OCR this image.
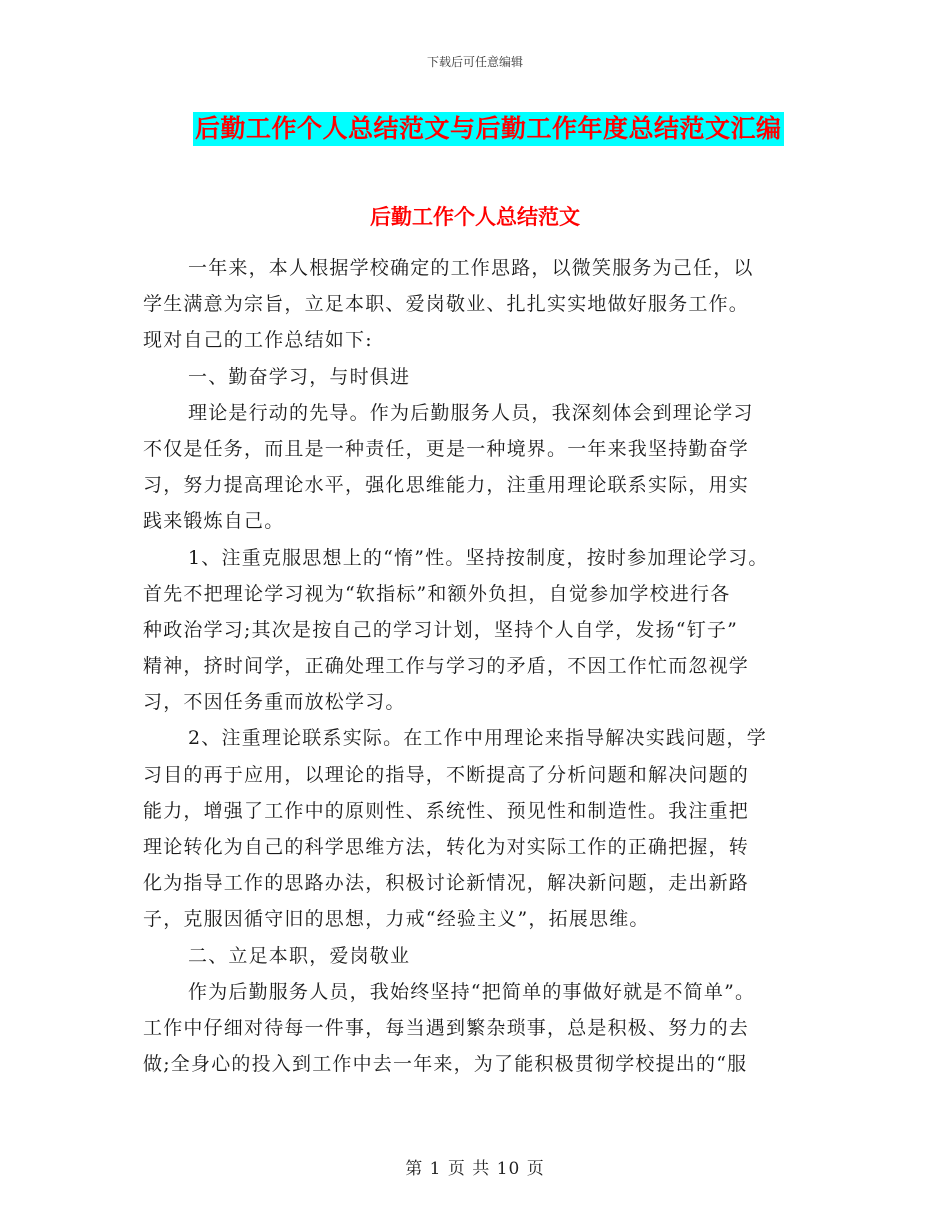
下载后可任意编辑
后勤工作个人总结范文与后勤工作年度总结范文汇编
后勤工作个人总结范文
一年来，本人根据学校确定的工作思路，以微笑服务为己任，以
学生满意为宗旨，立足本职、爱岗敬业、扎扎实实地做好服务工作。
现对自己的工作总结如下:
一、勤奋学习，与时俱进
理论是行动的先导。作为后勤服务人员，我深刻体会到理论学习
不仅是任务，而且是一种责任，更是一种境界。一年来我坚持勤奋学
习，努力提高理论水平，强化思维能力，注重用理论联系实际，用实
践来锻炼自己。
1、注重克服思想上的“惰”性。坚持按制度，按时参加理论学习。
首先不把理论学习视为“软指标”和额外负担，自觉参加学校进行各
种政治学习;其次是按自己的学习计划，坚持个人自学，发扬“钉子”
精神，挤时间学，正确处理工作与学习的矛盾，不因工作忙而忽视学
习，不因任务重而放松学习。
2、注重理论联系实际。在工作中用理论来指导解决实践问题，学
习目的再于应用，以理论的指导，不断提高了分析问题和解决问题的
能力，增强了工作中的原则性、系统性、预见性和制造性。我注重把
理论转化为自己的科学思维方法，转化为对实际工作的正确把握，转
化为指导工作的思路办法，积极讨论新情况，解决新问题，走出新路
子，克服因循守旧的思想，力戒“经验主义”，拓展思维。
二、立足本职，爱岗敬业
作为后勤服务人员，我始终坚持“把简单的事做好就是不简单”。
工作中仔细对待每一件事，每当遇到繁杂琐事，总是积极、努力的去
做;全身心的投入到工作中去一年来，为了能积极贯彻学校提出的“服
第 1 页 共 10 页
